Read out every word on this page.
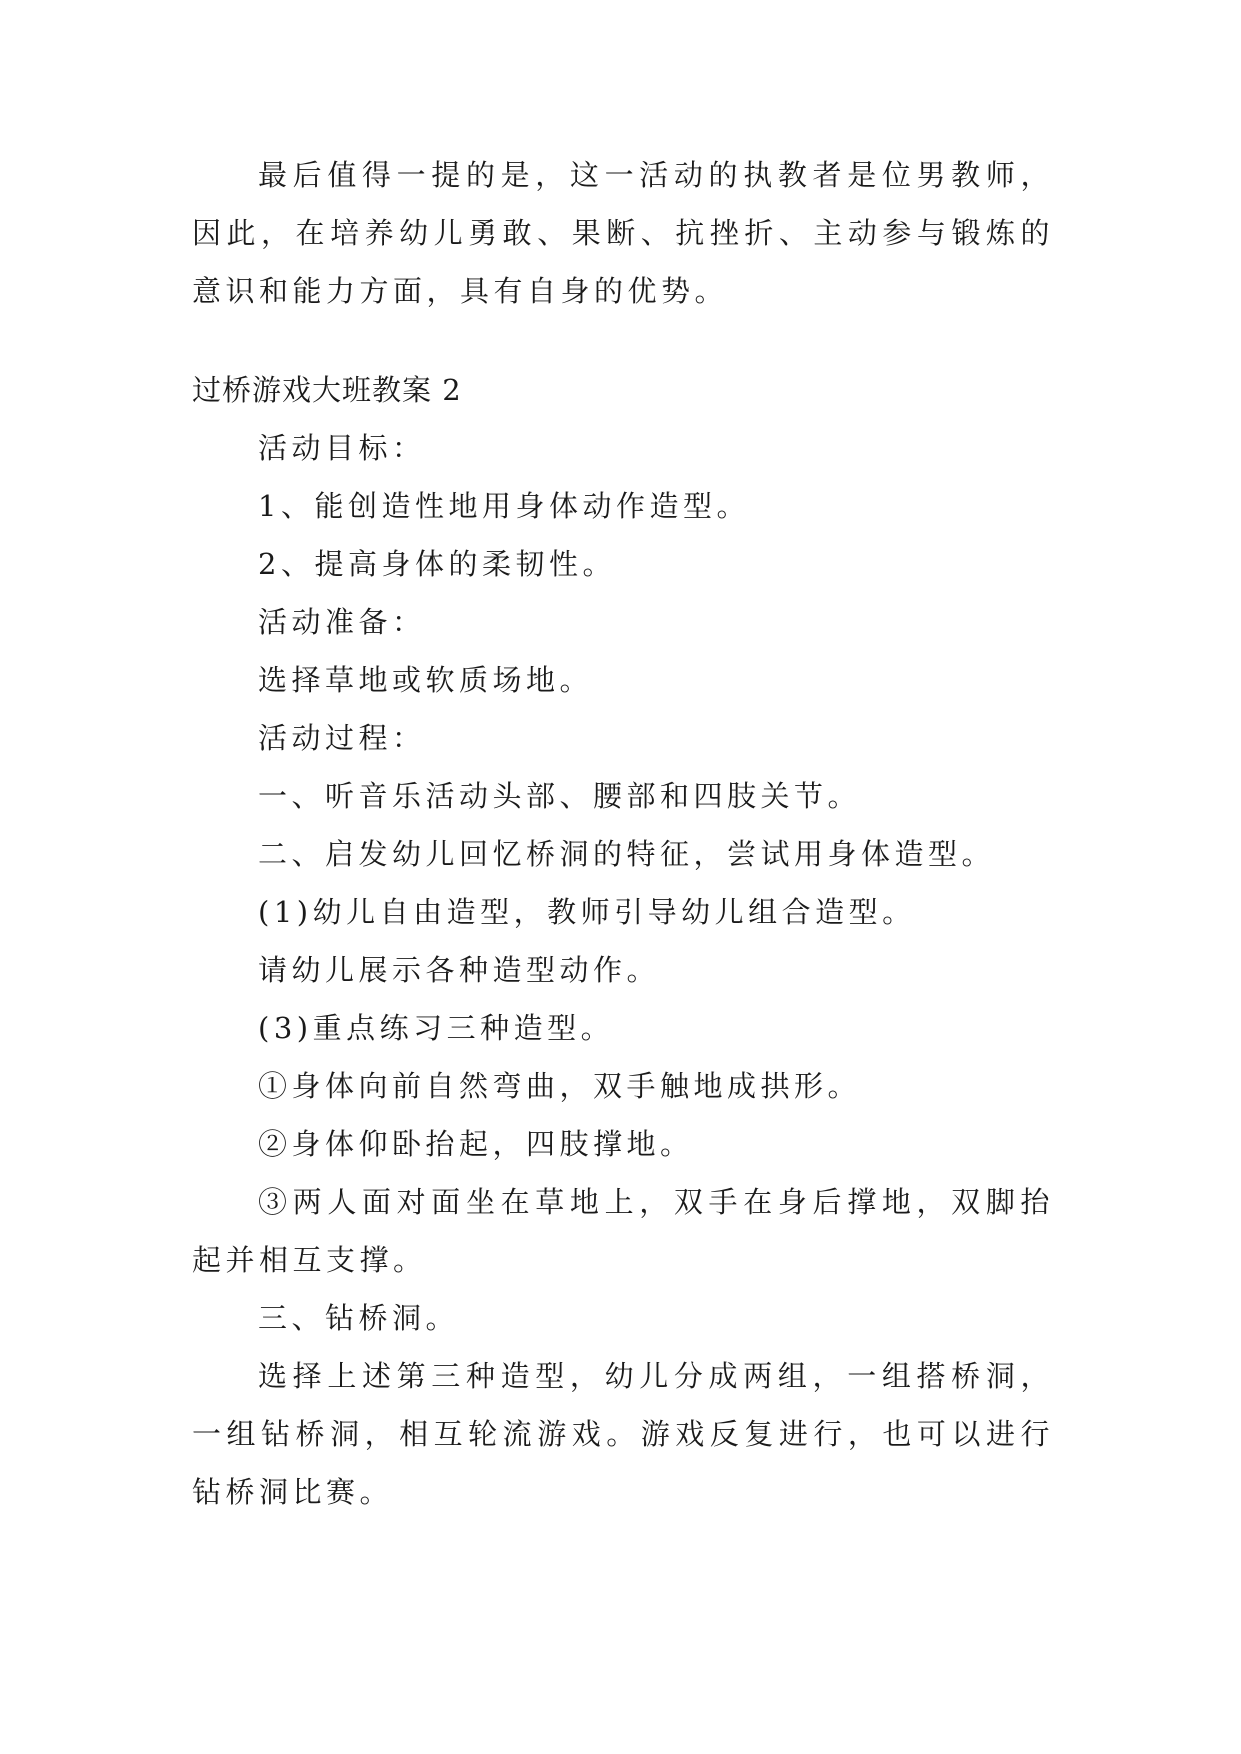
最后值得一提的是，这一活动的执教者是位男教师，因此，在培养幼儿勇敢、果断、抗挫折、主动参与锻炼的意识和能力方面，具有自身的优势。

过桥游戏大班教案 2

活动目标：

1、能创造性地用身体动作造型。

2、提高身体的柔韧性。

活动准备：

选择草地或软质场地。

活动过程：

一、听音乐活动头部、腰部和四肢关节。

二、启发幼儿回忆桥洞的特征，尝试用身体造型。

(1)幼儿自由造型，教师引导幼儿组合造型。

请幼儿展示各种造型动作。

(3)重点练习三种造型。

①身体向前自然弯曲，双手触地成拱形。

②身体仰卧抬起，四肢撑地。

③两人面对面坐在草地上，双手在身后撑地，双脚抬起并相互支撑。

三、钻桥洞。

选择上述第三种造型，幼儿分成两组，一组搭桥洞，一组钻桥洞，相互轮流游戏。游戏反复进行，也可以进行钻桥洞比赛。
